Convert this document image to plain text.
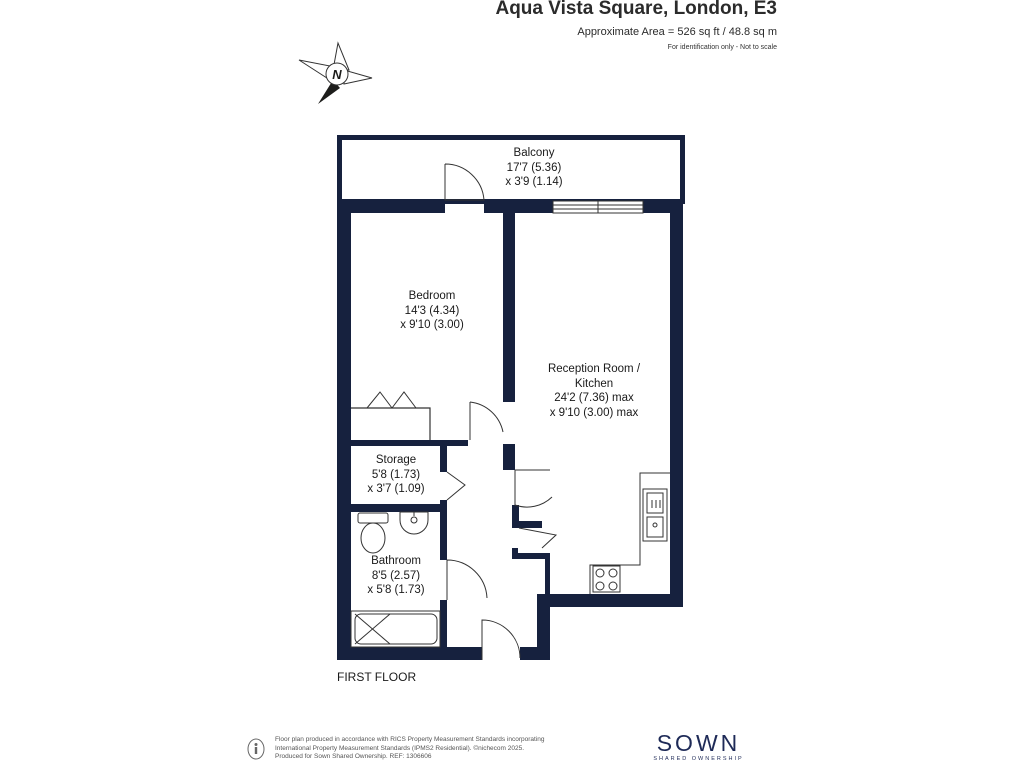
Aqua Vista Square, London, E3
Approximate Area = 526 sq ft / 48.8 sq m
For identification only - Not to scale
N
Balcony
17'7 (5.36)
x 3'9 (1.14)
Bedroom
14'3 (4.34)
x 9'10 (3.00)
Reception Room /
Kitchen
24'2 (7.36) max
x 9'10 (3.00) max
Storage
5'8 (1.73)
x 3'7 (1.09)
Bathroom
8'5 (2.57)
x 5'8 (1.73)
FIRST FLOOR
Floor plan produced in accordance with RICS Property Measurement Standards incorporating
International Property Measurement Standards (IPMS2 Residential). ©nichecom 2025.
Produced for Sown Shared Ownership. REF: 1306606
SOWN
SHARED OWNERSHIP
